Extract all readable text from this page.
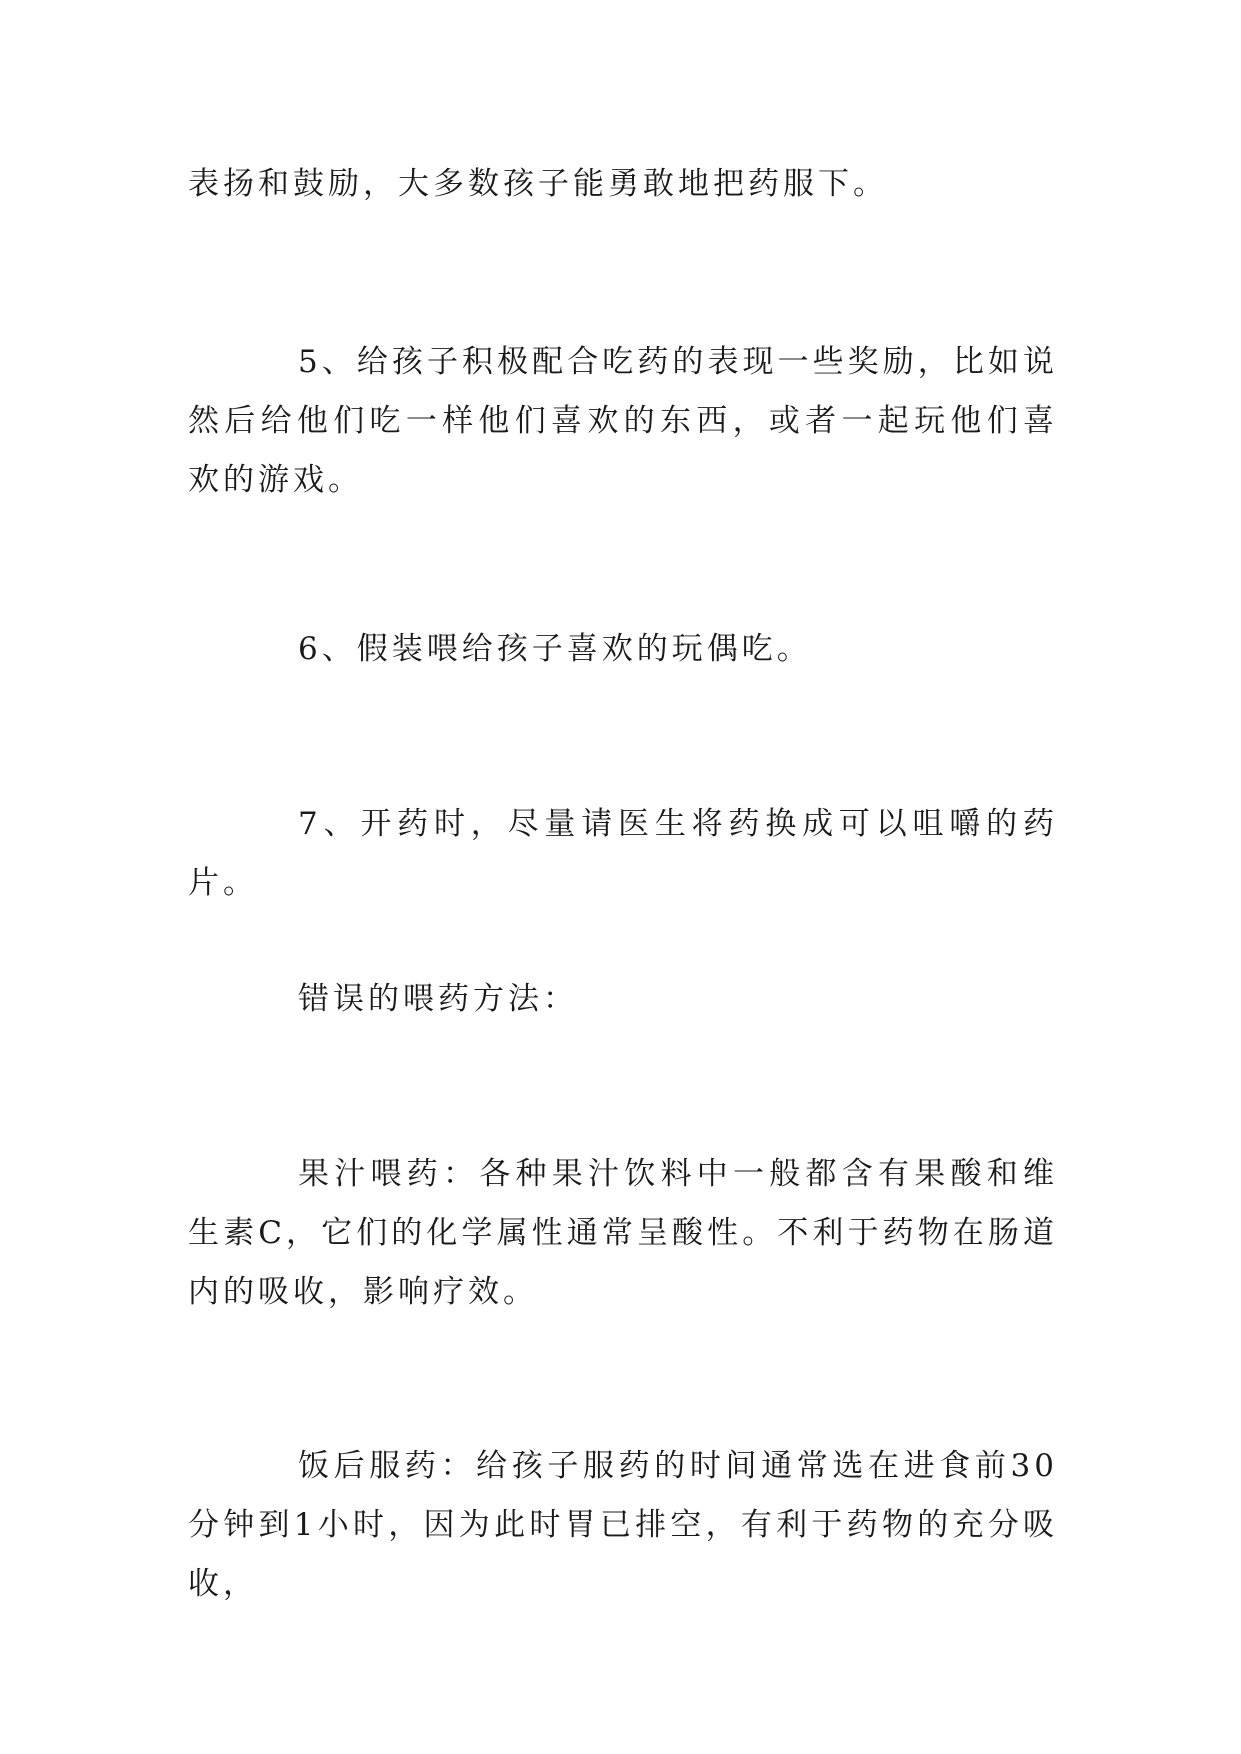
表扬和鼓励，大多数孩子能勇敢地把药服下。

5、给孩子积极配合吃药的表现一些奖励，比如说然后给他们吃一样他们喜欢的东西，或者一起玩他们喜欢的游戏。

6、假装喂给孩子喜欢的玩偶吃。

7、开药时，尽量请医生将药换成可以咀嚼的药片。

错误的喂药方法：

果汁喂药：各种果汁饮料中一般都含有果酸和维生素C，它们的化学属性通常呈酸性。不利于药物在肠道内的吸收，影响疗效。

饭后服药：给孩子服药的时间通常选在进食前30分钟到1小时，因为此时胃已排空，有利于药物的充分吸收，
